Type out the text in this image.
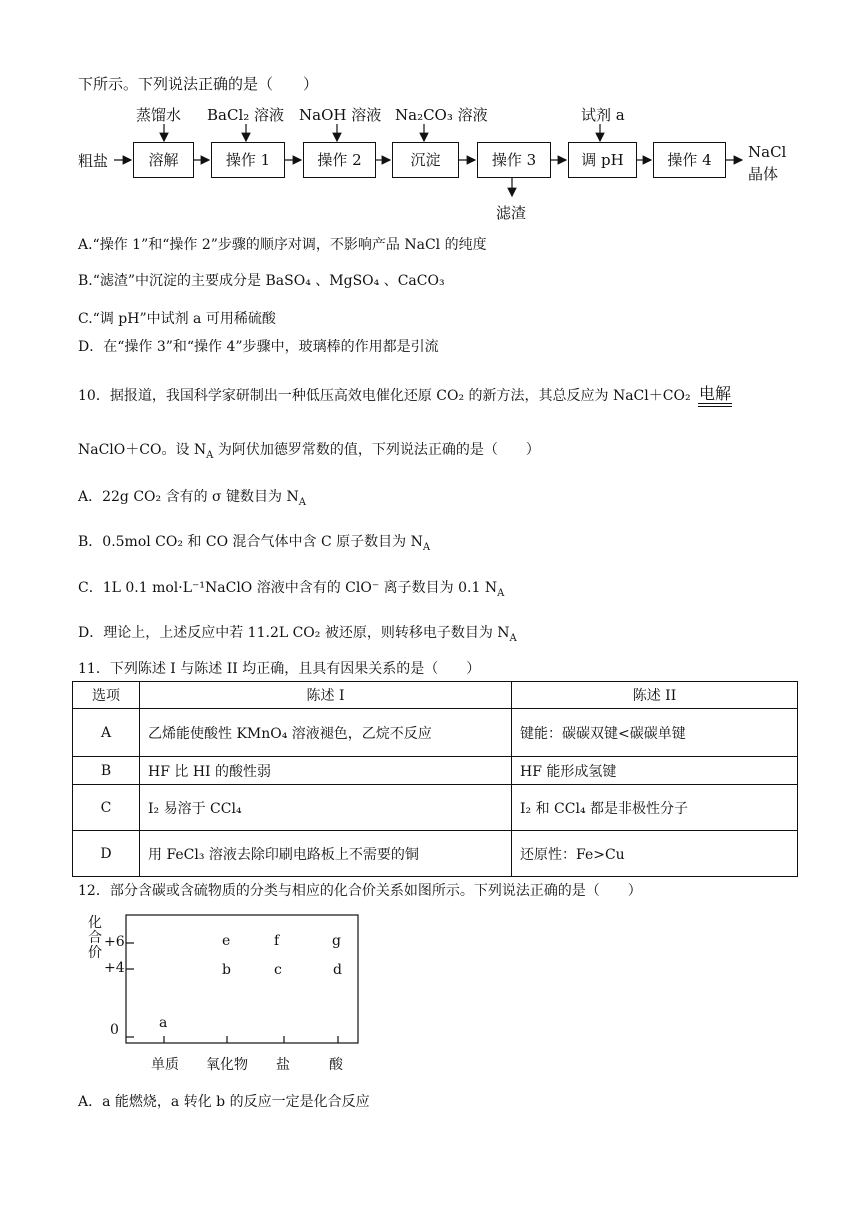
下所示。下列说法正确的是（　　）
粗盐	溶解	操作 1	操作 2	沉淀	操作 3	调 pH	操作 4
蒸馏水 BaCl₂ 溶液 NaOH 溶液 Na₂CO₃ 溶液	试剂 a
滤渣
NaCl
晶体
A.“操作 1”和“操作 2”步骤的顺序对调，不影响产品 NaCl 的纯度
B.“滤渣”中沉淀的主要成分是 BaSO₄ 、MgSO₄ 、CaCO₃
C.“调 pH”中试剂 a 可用稀硫酸
D．在“操作 3”和“操作 4”步骤中，玻璃棒的作用都是引流
10．据报道，我国科学家研制出一种低压高效电催化还原 CO₂ 的新方法，其总反应为 NaCl＋CO₂ 电解
NaClO＋CO。设 $N_A$ 为阿伏加德罗常数的值，下列说法正确的是（　　）
A．22g CO₂ 含有的 σ 键数目为 $N_A$
B．0.5mol CO₂ 和 CO 混合气体中含 C 原子数目为 $N_A$
C．1L 0.1 mol·L⁻¹NaClO 溶液中含有的 ClO⁻ 离子数目为 0.1 $N_A$
D．理论上，上述反应中若 11.2L CO₂ 被还原，则转移电子数目为 $N_A$
11．下列陈述 I 与陈述 II 均正确，且具有因果关系的是（　　）
选项	陈述 I	陈述 II
A	乙烯能使酸性 KMnO₄ 溶液褪色，乙烷不反应	键能：碳碳双键<碳碳单键
B	HF 比 HI 的酸性弱	HF 能形成氢键
C	I₂ 易溶于 CCl₄	I₂ 和 CCl₄ 都是非极性分子
D	用 FeCl₃ 溶液去除印刷电路板上不需要的铜	还原性：Fe>Cu
12．部分含碳或含硫物质的分类与相应的化合价关系如图所示。下列说法正确的是（　　）
化合价
+6
+4
0
单质 氧化物 盐	酸
a
b	c	d
e	f	g
A．a 能燃烧，a 转化 b 的反应一定是化合反应
